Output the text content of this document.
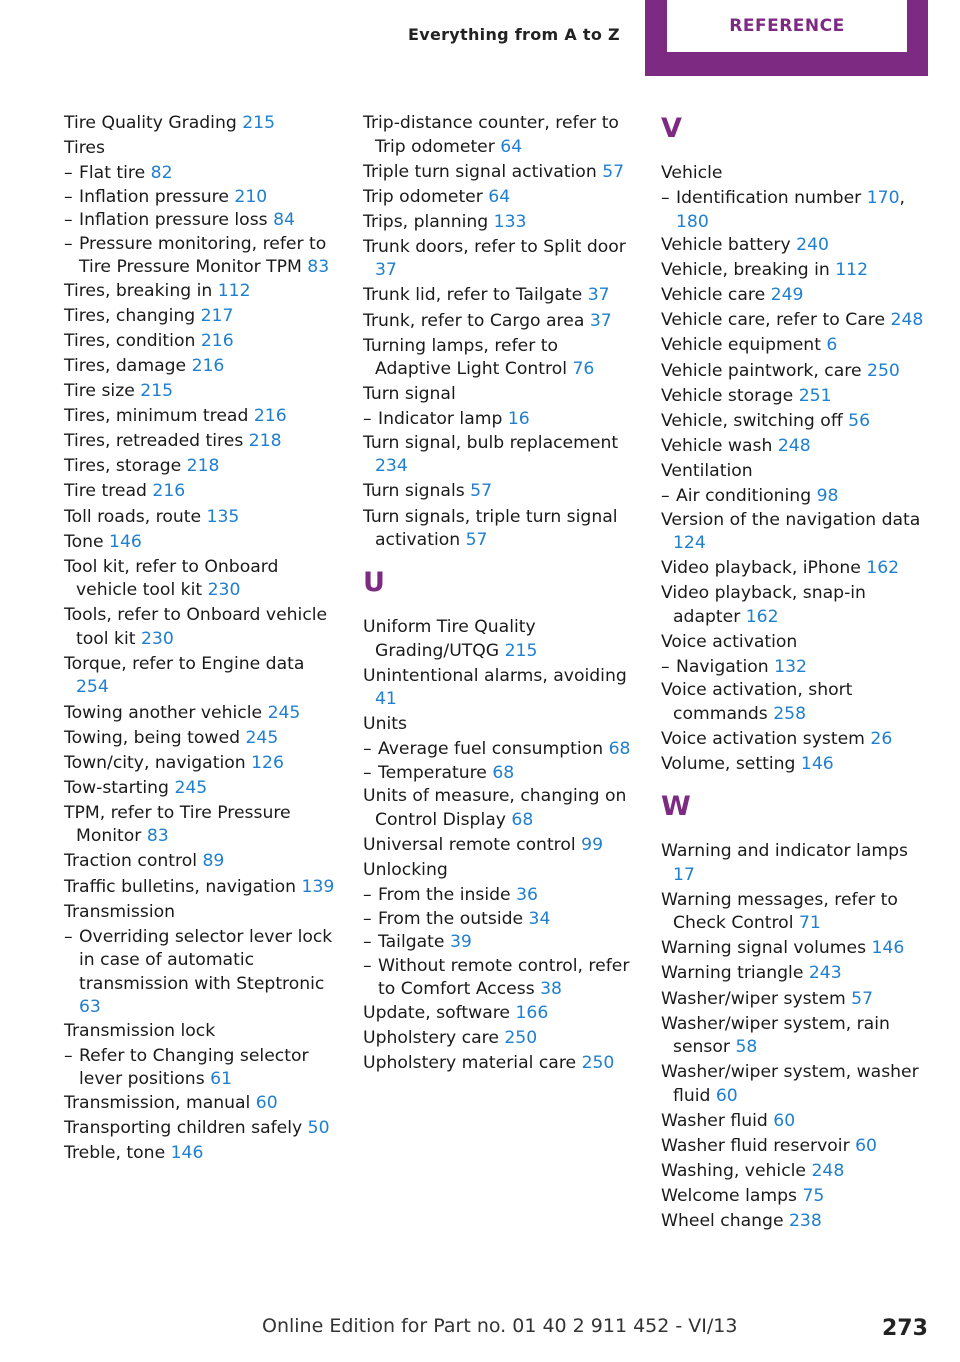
Everything from A to Z	REFERENCE
Tire Quality Grading 215
Tires
– Flat tire 82
– Inflation pressure 210
– Inflation pressure loss 84
– Pressure monitoring, refer to Tire Pressure Monitor TPM 83
Tires, breaking in 112
Tires, changing 217
Tires, condition 216
Tires, damage 216
Tire size 215
Tires, minimum tread 216
Tires, retreaded tires 218
Tires, storage 218
Tire tread 216
Toll roads, route 135
Tone 146
Tool kit, refer to Onboard vehicle tool kit 230
Tools, refer to Onboard vehicle tool kit 230
Torque, refer to Engine data 254
Towing another vehicle 245
Towing, being towed 245
Town/city, navigation 126
Tow-starting 245
TPM, refer to Tire Pressure Monitor 83
Traction control 89
Traffic bulletins, navigation 139
Transmission
– Overriding selector lever lock in case of automatic transmission with Steptronic 63
Transmission lock
– Refer to Changing selector lever positions 61
Transmission, manual 60
Transporting children safely 50
Treble, tone 146
Trip-distance counter, refer to Trip odometer 64
Triple turn signal activation 57
Trip odometer 64
Trips, planning 133
Trunk doors, refer to Split door 37
Trunk lid, refer to Tailgate 37
Trunk, refer to Cargo area 37
Turning lamps, refer to Adaptive Light Control 76
Turn signal
– Indicator lamp 16
Turn signal, bulb replacement 234
Turn signals 57
Turn signals, triple turn signal activation 57
U
Uniform Tire Quality Grading/UTQG 215
Unintentional alarms, avoiding 41
Units
– Average fuel consumption 68
– Temperature 68
Units of measure, changing on Control Display 68
Universal remote control 99
Unlocking
– From the inside 36
– From the outside 34
– Tailgate 39
– Without remote control, refer to Comfort Access 38
Update, software 166
Upholstery care 250
Upholstery material care 250
V
Vehicle
– Identification number 170, 180
Vehicle battery 240
Vehicle, breaking in 112
Vehicle care 249
Vehicle care, refer to Care 248
Vehicle equipment 6
Vehicle paintwork, care 250
Vehicle storage 251
Vehicle, switching off 56
Vehicle wash 248
Ventilation
– Air conditioning 98
Version of the navigation data 124
Video playback, iPhone 162
Video playback, snap-in adapter 162
Voice activation
– Navigation 132
Voice activation, short commands 258
Voice activation system 26
Volume, setting 146
W
Warning and indicator lamps 17
Warning messages, refer to Check Control 71
Warning signal volumes 146
Warning triangle 243
Washer/wiper system 57
Washer/wiper system, rain sensor 58
Washer/wiper system, washer fluid 60
Washer fluid 60
Washer fluid reservoir 60
Washing, vehicle 248
Welcome lamps 75
Wheel change 238
Online Edition for Part no. 01 40 2 911 452 - VI/13	273
